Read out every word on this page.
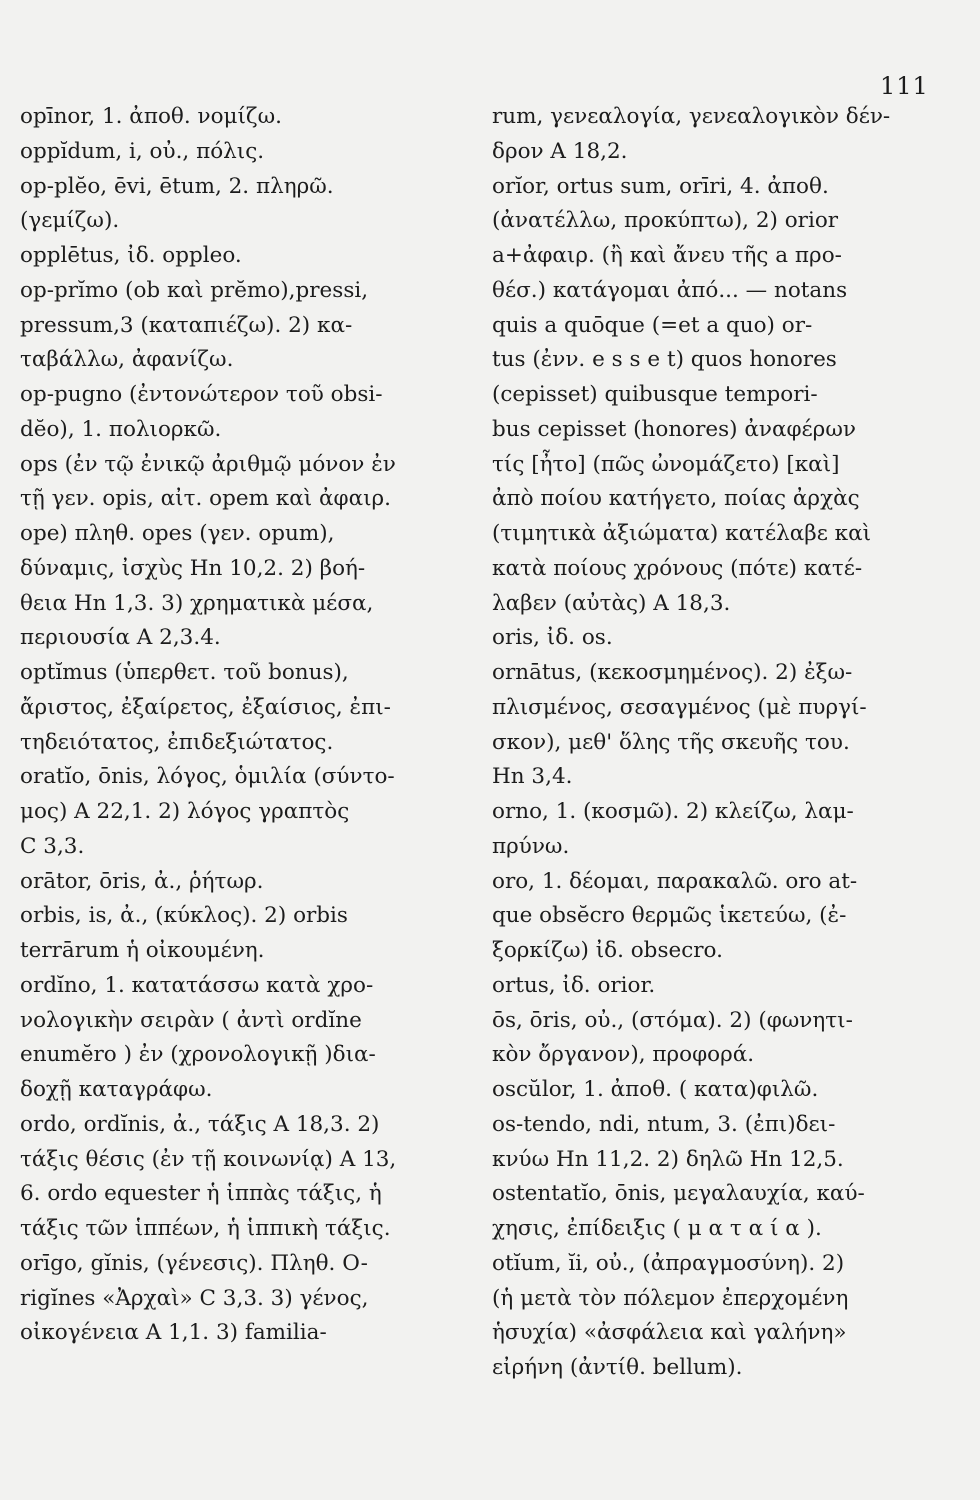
111
opīnor, 1. ἀποθ. νομίζω.
oppĭdum, i, οὐ., πόλις.
op-plĕo, ēvi, ētum, 2. πληρῶ.
(γεμίζω).
opplētus, ἰδ. oppleo.
op-prĭmo (ob καὶ prĕmo),pressi,
pressum,3 (καταπιέζω). 2) κα-
ταβάλλω, ἀφανίζω.
op-pugno (ἐντονώτερον τοῦ obsi-
dĕo), 1. πολιορκῶ.
ops (ἐν τῷ ἐνικῷ ἀριθμῷ μόνον ἐν
τῇ γεν. opis, αἰτ. opem καὶ ἀφαιρ.
ope) πληθ. opes (γεν. opum),
δύναμις, ἰσχὺς Hn 10,2. 2) βοή-
θεια Hn 1,3. 3) χρηματικὰ μέσα,
περιουσία A 2,3.4.
optĭmus (ὑπερθετ. τοῦ bonus),
ἄριστος, ἐξαίρετος, ἐξαίσιος, ἐπι-
τηδειότατος, ἐπιδεξιώτατος.
oratĭo, ōnis, λόγος, ὁμιλία (σύντο-
μος) A 22,1. 2) λόγος γραπτὸς
C 3,3.
orātor, ōris, ἀ., ῥήτωρ.
orbis, is, ἀ., (κύκλος). 2) orbis
terrārum ἡ οἰκουμένη.
ordĭno, 1. κατατάσσω κατὰ χρο-
νολογικὴν σειρὰν ( ἀντὶ ordĭne
enumĕro ) ἐν (χρονολογικῇ )δια-
δοχῇ καταγράφω.
ordo, ordĭnis, ἀ., τάξις A 18,3. 2)
τάξις θέσις (ἐν τῇ κοινωνίᾳ) A 13,
6. ordo equester ἡ ἱππὰς τάξις, ἡ
τάξις τῶν ἱππέων, ἡ ἱππικὴ τάξις.
orīgo, gĭnis, (γένεσις). Πληθ. O-
rigĭnes «Ἀρχαὶ» C 3,3. 3) γένος,
οἰκογένεια A 1,1. 3) familia-
rum, γενεαλογία, γενεαλογικὸν δέν-
δρον A 18,2.
orĭor, ortus sum, orīri, 4. ἀποθ.
(ἀνατέλλω, προκύπτω), 2) orior
a+ἀφαιρ. (ἢ καὶ ἄνευ τῆς a προ-
θέσ.) κατάγομαι ἀπό... — notans
quis a quōque (=et a quo) or-
tus (ἐνν. e s s e t) quos honores
(cepisset) quibusque tempori-
bus cepisset (honores) ἀναφέρων
τίς [ἦτο] (πῶς ὠνομάζετο) [καὶ]
ἀπὸ ποίου κατήγετο, ποίας ἀρχὰς
(τιμητικὰ ἀξιώματα) κατέλαβε καὶ
κατὰ ποίους χρόνους (πότε) κατέ-
λαβεν (αὐτὰς) A 18,3.
oris, ἰδ. os.
ornātus, (κεκοσμημένος). 2) ἐξω-
πλισμένος, σεσαγμένος (μὲ πυργί-
σκον), μεθ' ὅλης τῆς σκευῆς του.
Hn 3,4.
orno, 1. (κοσμῶ). 2) κλείζω, λαμ-
πρύνω.
oro, 1. δέομαι, παρακαλῶ. oro at-
que obsĕcro θερμῶς ἱκετεύω, (ἐ-
ξορκίζω) ἰδ. obsecro.
ortus, ἰδ. orior.
ōs, ōris, οὐ., (στόμα). 2) (φωνητι-
κὸν ὄργανον), προφορά.
oscŭlor, 1. ἀποθ. ( κατα)φιλῶ.
os-tendo, ndi, ntum, 3. (ἐπι)δει-
κνύω Hn 11,2. 2) δηλῶ Hn 12,5.
ostentatĭo, ōnis, μεγαλαυχία, καύ-
χησις, ἐπίδειξις ( μ α τ α ί α ).
otĭum, ĭi, οὐ., (ἀπραγμοσύνη). 2)
(ἡ μετὰ τὸν πόλεμον ἐπερχομένη
ἡσυχία) «ἀσφάλεια καὶ γαλήνη»
εἰρήνη (ἀντίθ. bellum).
